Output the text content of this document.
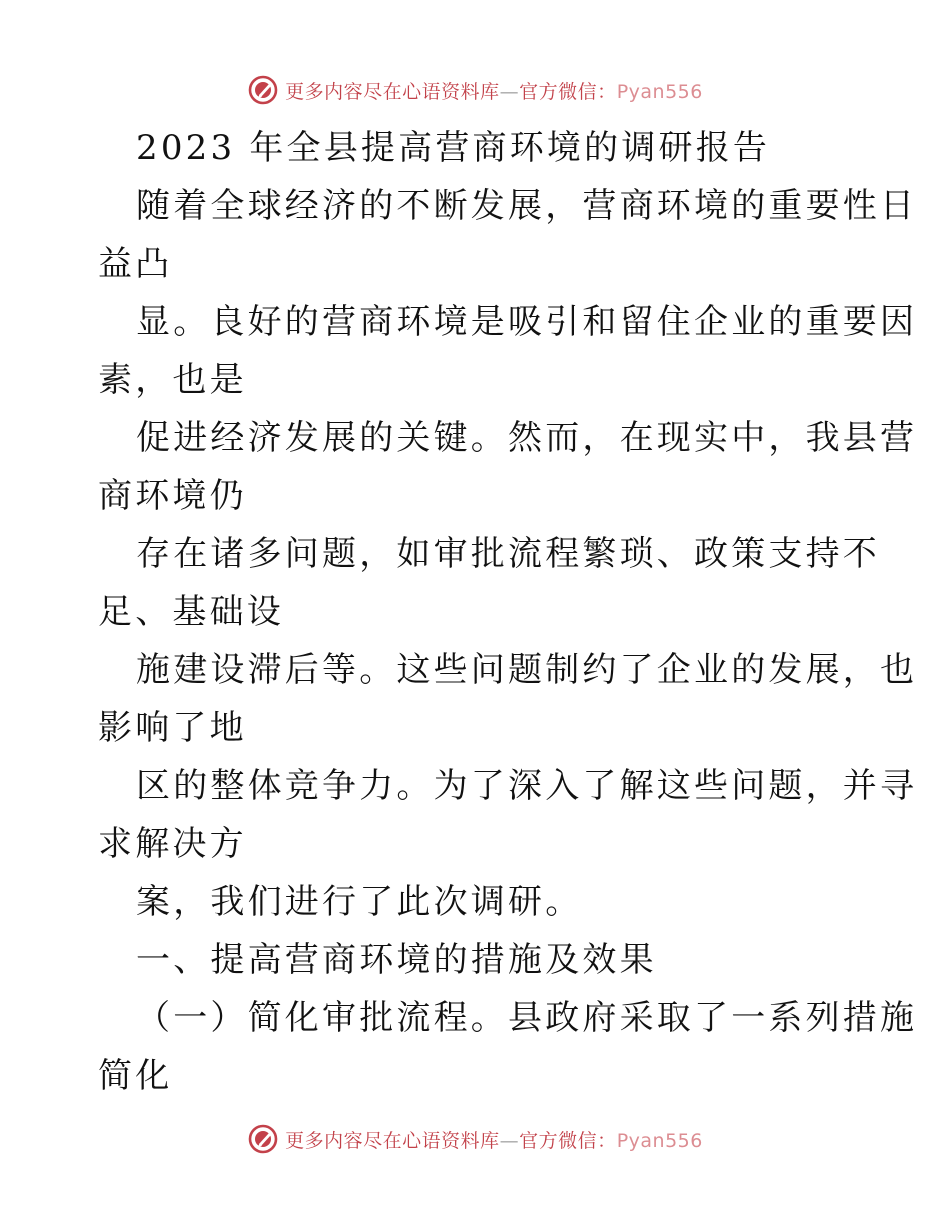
更多内容尽在心语资料库—官方微信：Pyan556
2023 年全县提高营商环境的调研报告
随着全球经济的不断发展，营商环境的重要性日
益凸
显。良好的营商环境是吸引和留住企业的重要因
素，也是
促进经济发展的关键。然而，在现实中，我县营
商环境仍
存在诸多问题，如审批流程繁琐、政策支持不
足、基础设
施建设滞后等。这些问题制约了企业的发展，也
影响了地
区的整体竞争力。为了深入了解这些问题，并寻
求解决方
案，我们进行了此次调研。
一、提高营商环境的措施及效果
（一）简化审批流程。县政府采取了一系列措施
简化
更多内容尽在心语资料库—官方微信：Pyan556
